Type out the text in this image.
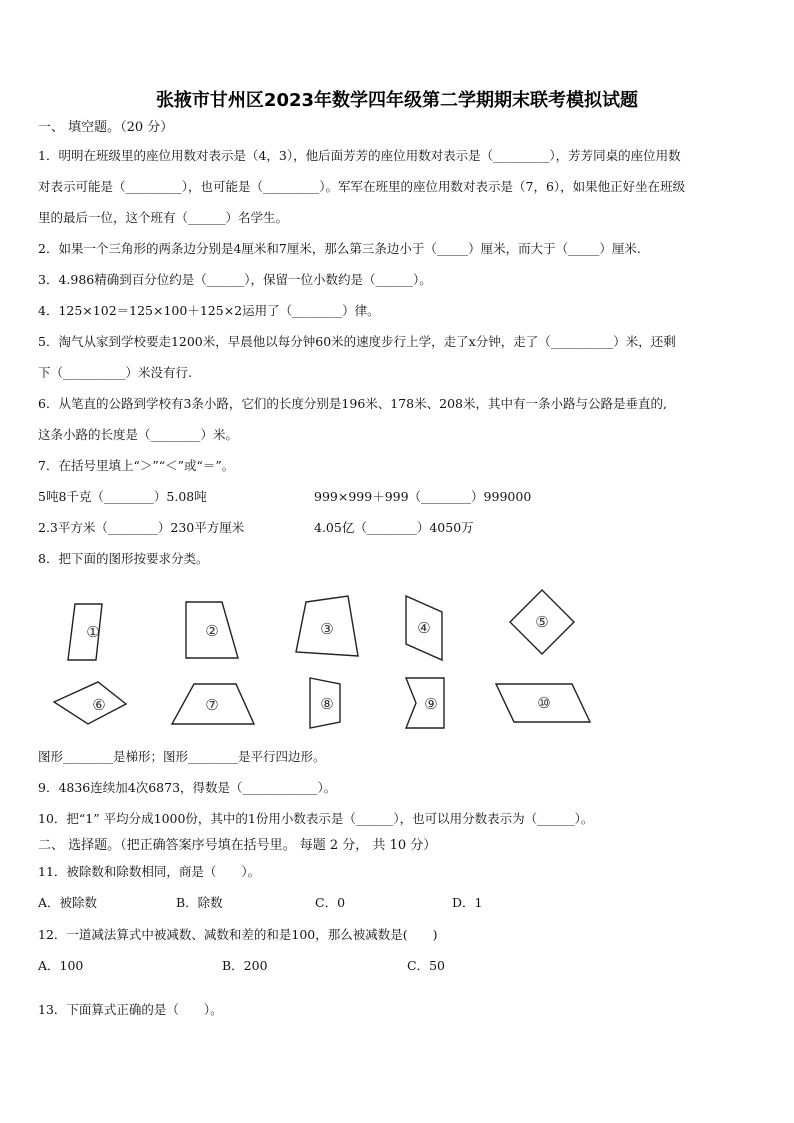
张掖市甘州区2023年数学四年级第二学期期末联考模拟试题
一、 填空题。（20 分）
1．明明在班级里的座位用数对表示是（4，3），他后面芳芳的座位用数对表示是（_________），芳芳同桌的座位用数
对表示可能是（_________），也可能是（_________）。军军在班里的座位用数对表示是（7，6），如果他正好坐在班级
里的最后一位，这个班有（______）名学生。
2．如果一个三角形的两条边分别是4厘米和7厘米，那么第三条边小于（_____）厘米，而大于（_____）厘米.
3．4.986精确到百分位约是（______），保留一位小数约是（______）。
4．125×102＝125×100＋125×2运用了（________）律。
5．淘气从家到学校要走1200米，早晨他以每分钟60米的速度步行上学，走了x分钟，走了（__________）米，还剩
下（__________）米没有行.
6．从笔直的公路到学校有3条小路，它们的长度分别是196米、178米、208米，其中有一条小路与公路是垂直的,
这条小路的长度是（________）米。
7．在括号里填上“＞”“＜”或“＝”。
5吨8千克（________）5.08吨	999×999＋999（________）999000
2.3平方米（________）230平方厘米	4.05亿（________）4050万
8．把下面的图形按要求分类。
①	②	③	④	⑤
⑥	⑦	⑧	⑨	⑩
图形________是梯形；图形________是平行四边形。
9．4836连续加4次6873，得数是（____________）。
10．把“1” 平均分成1000份，其中的1份用小数表示是（______），也可以用分数表示为（______）。
二、 选择题。（把正确答案序号填在括号里。 每题 2 分， 共 10 分）
11．被除数和除数相同，商是（　　）。
A．被除数	B．除数	C．0	D．1
12．一道减法算式中被减数、减数和差的和是100，那么被减数是(　　)
A．100	B．200	C．50
13．下面算式正确的是（　　）。
